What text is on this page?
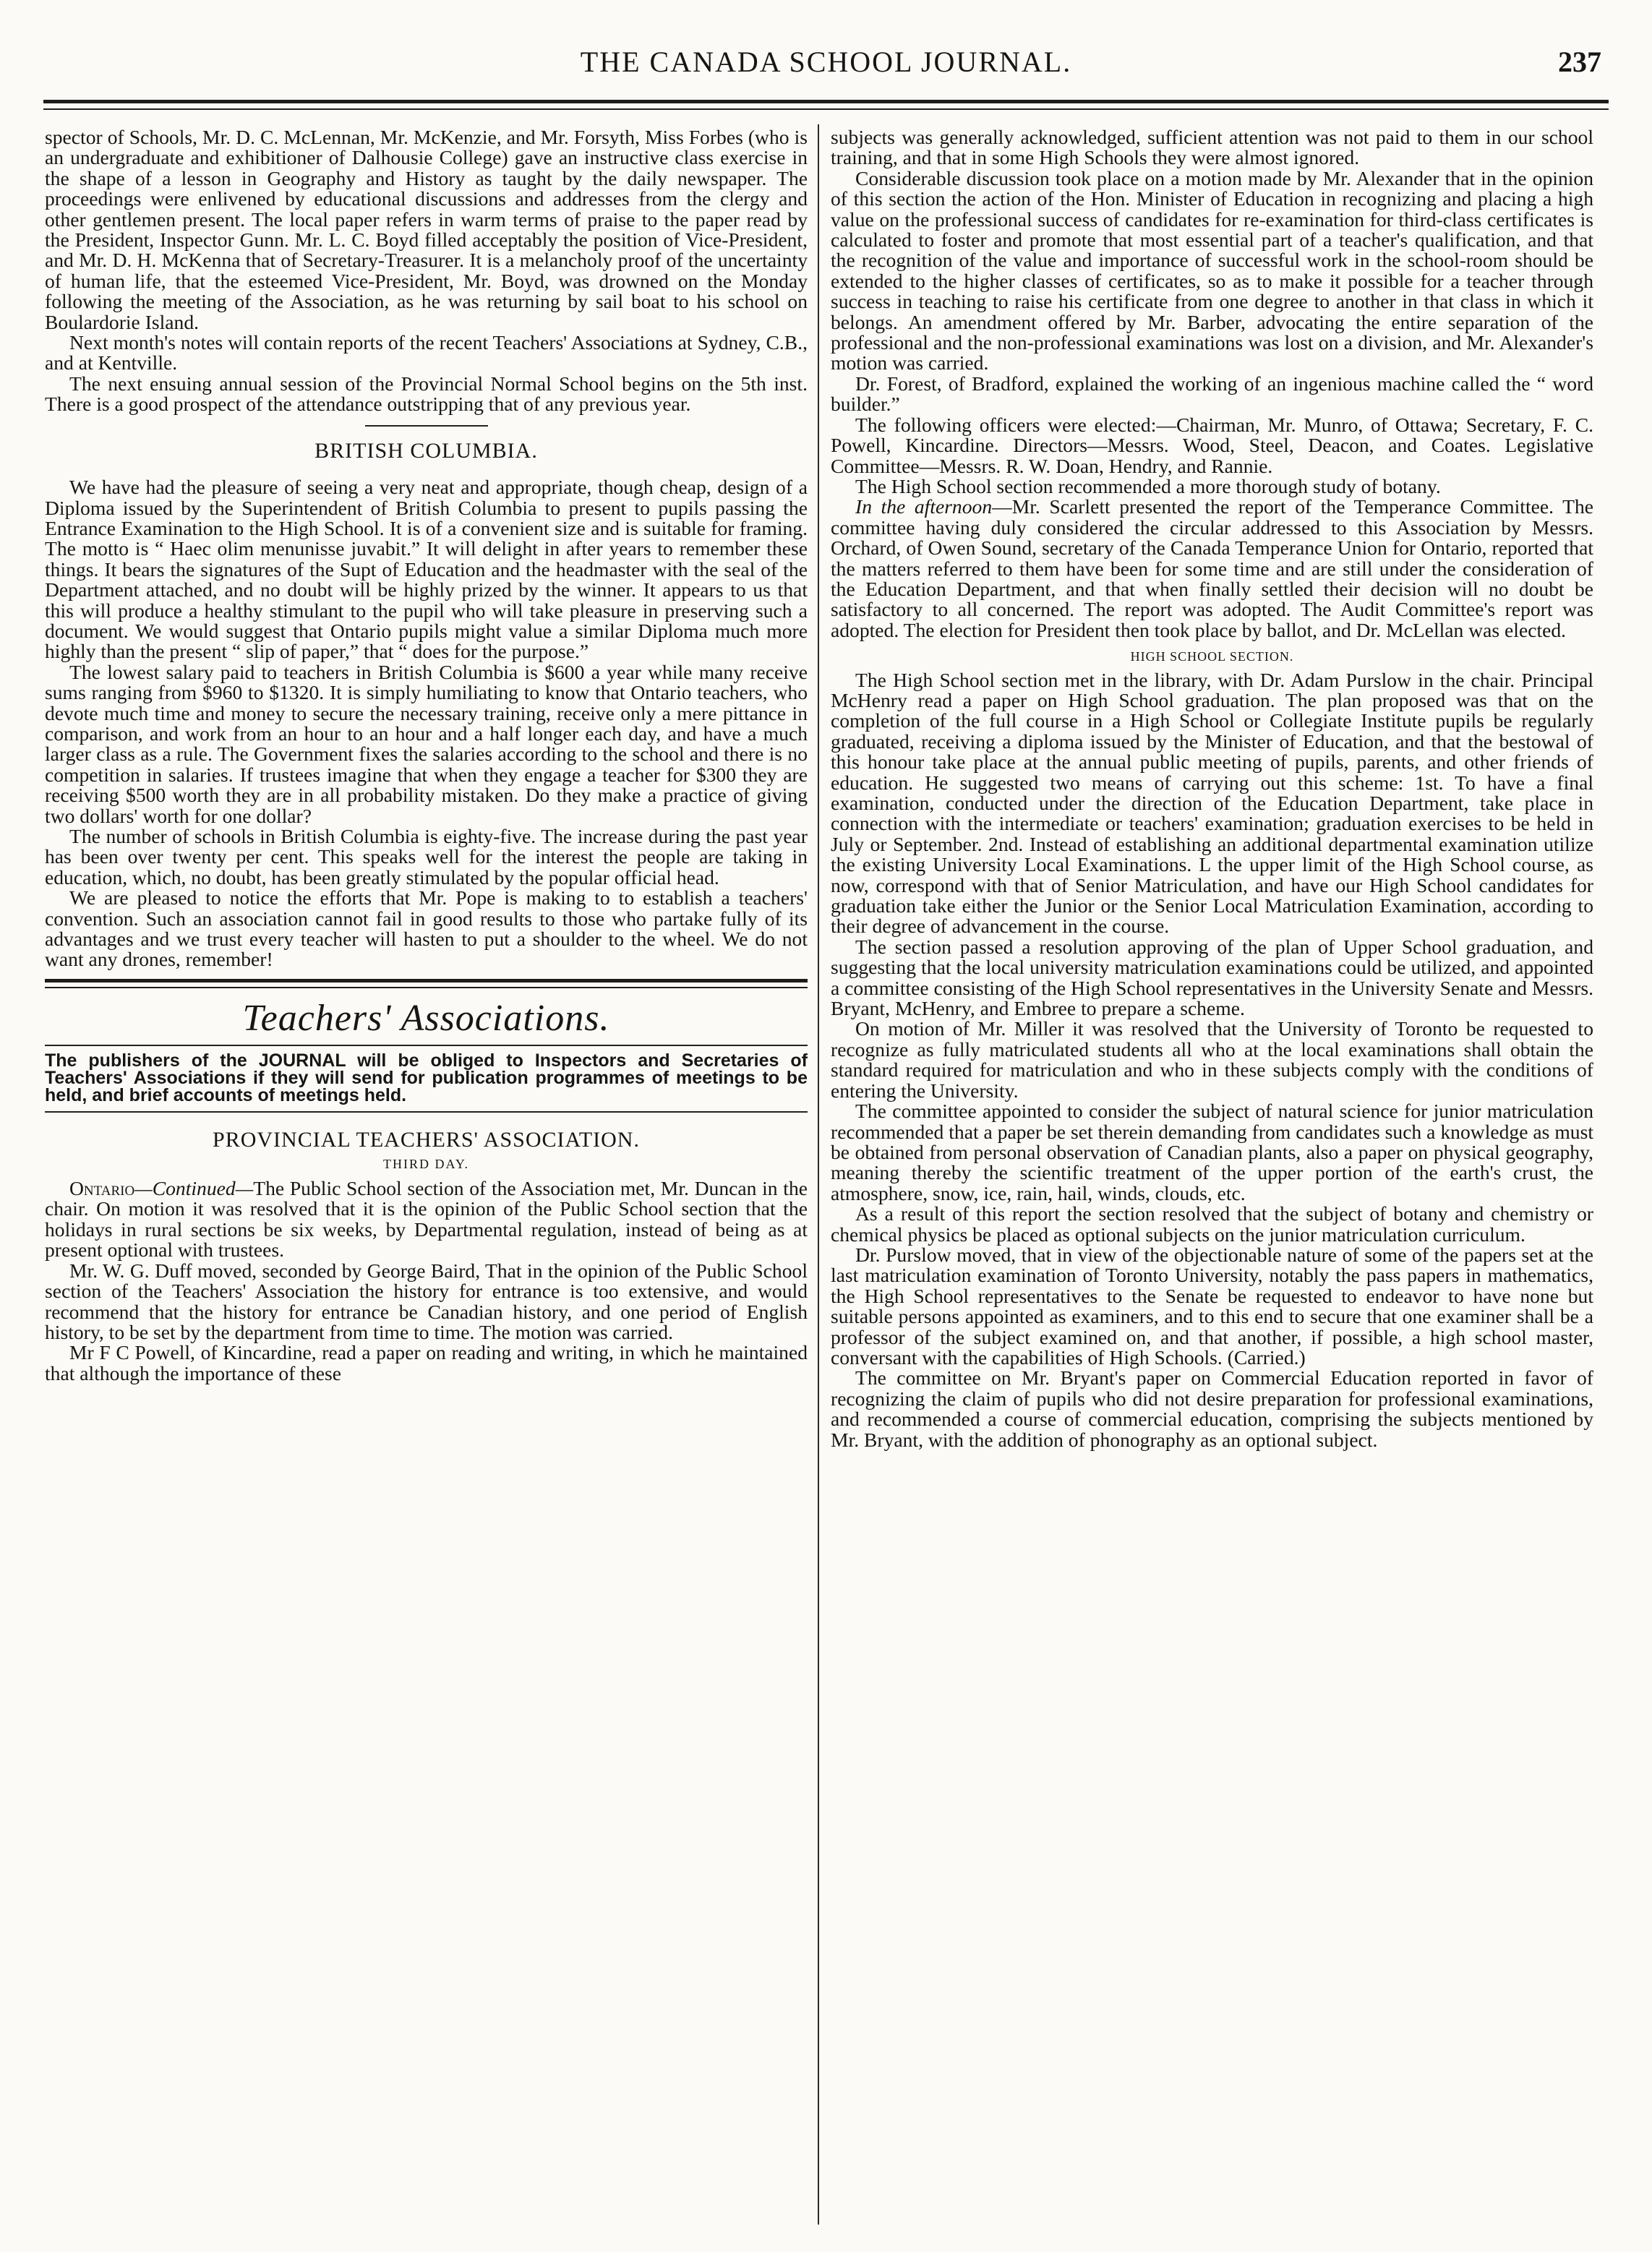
THE CANADA SCHOOL JOURNAL.	237

spector of Schools, Mr. D. C. McLennan, Mr. McKenzie, and Mr. Forsyth, Miss Forbes (who is an undergraduate and exhibitioner of Dalhousie College) gave an instructive class exercise in the shape of a lesson in Geography and History as taught by the daily newspaper. The proceedings were enlivened by educational discussions and addresses from the clergy and other gentlemen present. The local paper refers in warm terms of praise to the paper read by the President, Inspector Gunn. Mr. L. C. Boyd filled acceptably the position of Vice-President, and Mr. D. H. McKenna that of Secretary-Treasurer. It is a melancholy proof of the uncertainty of human life, that the esteemed Vice-President, Mr. Boyd, was drowned on the Monday following the meeting of the Association, as he was returning by sail boat to his school on Boulardorie Island.

Next month's notes will contain reports of the recent Teachers' Associations at Sydney, C.B., and at Kentville.

The next ensuing annual session of the Provincial Normal School begins on the 5th inst. There is a good prospect of the attendance outstripping that of any previous year.

BRITISH COLUMBIA.

We have had the pleasure of seeing a very neat and appropriate, though cheap, design of a Diploma issued by the Superintendent of British Columbia to present to pupils passing the Entrance Examination to the High School. It is of a convenient size and is suitable for framing. The motto is “ Haec olim menunisse juvabit.” It will delight in after years to remember these things. It bears the signatures of the Supt of Education and the headmaster with the seal of the Department attached, and no doubt will be highly prized by the winner. It appears to us that this will produce a healthy stimulant to the pupil who will take pleasure in preserving such a document. We would suggest that Ontario pupils might value a similar Diploma much more highly than the present “ slip of paper,” that “ does for the purpose.”

The lowest salary paid to teachers in British Columbia is $600 a year while many receive sums ranging from $960 to $1320. It is simply humiliating to know that Ontario teachers, who devote much time and money to secure the necessary training, receive only a mere pittance in comparison, and work from an hour to an hour and a half longer each day, and have a much larger class as a rule. The Government fixes the salaries according to the school and there is no competition in salaries. If trustees imagine that when they engage a teacher for $300 they are receiving $500 worth they are in all probability mistaken. Do they make a practice of giving two dollars' worth for one dollar?

The number of schools in British Columbia is eighty-five. The increase during the past year has been over twenty per cent. This speaks well for the interest the people are taking in education, which, no doubt, has been greatly stimulated by the popular official head.

We are pleased to notice the efforts that Mr. Pope is making to to establish a teachers' convention. Such an association cannot fail in good results to those who partake fully of its advantages and we trust every teacher will hasten to put a shoulder to the wheel. We do not want any drones, remember!

Teachers' Associations.
The publishers of the JOURNAL will be obliged to Inspectors and Secretaries of Teachers' Associations if they will send for publication programmes of meetings to be held, and brief accounts of meetings held.
PROVINCIAL TEACHERS' ASSOCIATION.
THIRD DAY.

Ontario—Continued—The Public School section of the Association met, Mr. Duncan in the chair. On motion it was resolved that it is the opinion of the Public School section that the holidays in rural sections be six weeks, by Departmental regulation, instead of being as at present optional with trustees.

Mr. W. G. Duff moved, seconded by George Baird, That in the opinion of the Public School section of the Teachers' Association the history for entrance is too extensive, and would recommend that the history for entrance be Canadian history, and one period of English history, to be set by the department from time to time. The motion was carried.

Mr F C Powell, of Kincardine, read a paper on reading and writing, in which he maintained that although the importance of these

subjects was generally acknowledged, sufficient attention was not paid to them in our school training, and that in some High Schools they were almost ignored.

Considerable discussion took place on a motion made by Mr. Alexander that in the opinion of this section the action of the Hon. Minister of Education in recognizing and placing a high value on the professional success of candidates for re-examination for third-class certificates is calculated to foster and promote that most essential part of a teacher's qualification, and that the recognition of the value and importance of successful work in the school-room should be extended to the higher classes of certificates, so as to make it possible for a teacher through success in teaching to raise his certificate from one degree to another in that class in which it belongs. An amendment offered by Mr. Barber, advocating the entire separation of the professional and the non-professional examinations was lost on a division, and Mr. Alexander's motion was carried.

Dr. Forest, of Bradford, explained the working of an ingenious machine called the “ word builder.”

The following officers were elected:—Chairman, Mr. Munro, of Ottawa; Secretary, F. C. Powell, Kincardine. Directors—Messrs. Wood, Steel, Deacon, and Coates. Legislative Committee—Messrs. R. W. Doan, Hendry, and Rannie.

The High School section recommended a more thorough study of botany.

In the afternoon—Mr. Scarlett presented the report of the Temperance Committee. The committee having duly considered the circular addressed to this Association by Messrs. Orchard, of Owen Sound, secretary of the Canada Temperance Union for Ontario, reported that the matters referred to them have been for some time and are still under the consideration of the Education Department, and that when finally settled their decision will no doubt be satisfactory to all concerned. The report was adopted. The Audit Committee's report was adopted. The election for President then took place by ballot, and Dr. McLellan was elected.

HIGH SCHOOL SECTION.

The High School section met in the library, with Dr. Adam Purslow in the chair. Principal McHenry read a paper on High School graduation. The plan proposed was that on the completion of the full course in a High School or Collegiate Institute pupils be regularly graduated, receiving a diploma issued by the Minister of Education, and that the bestowal of this honour take place at the annual public meeting of pupils, parents, and other friends of education. He suggested two means of carrying out this scheme: 1st. To have a final examination, conducted under the direction of the Education Department, take place in connection with the intermediate or teachers' examination; graduation exercises to be held in July or September. 2nd. Instead of establishing an additional departmental examination utilize the existing University Local Examinations. L the upper limit of the High School course, as now, correspond with that of Senior Matriculation, and have our High School candidates for graduation take either the Junior or the Senior Local Matriculation Examination, according to their degree of advancement in the course.

The section passed a resolution approving of the plan of Upper School graduation, and suggesting that the local university matriculation examinations could be utilized, and appointed a committee consisting of the High School representatives in the University Senate and Messrs. Bryant, McHenry, and Embree to prepare a scheme.

On motion of Mr. Miller it was resolved that the University of Toronto be requested to recognize as fully matriculated students all who at the local examinations shall obtain the standard required for matriculation and who in these subjects comply with the conditions of entering the University.

The committee appointed to consider the subject of natural science for junior matriculation recommended that a paper be set therein demanding from candidates such a knowledge as must be obtained from personal observation of Canadian plants, also a paper on physical geography, meaning thereby the scientific treatment of the upper portion of the earth's crust, the atmosphere, snow, ice, rain, hail, winds, clouds, etc.

As a result of this report the section resolved that the subject of botany and chemistry or chemical physics be placed as optional subjects on the junior matriculation curriculum.

Dr. Purslow moved, that in view of the objectionable nature of some of the papers set at the last matriculation examination of Toronto University, notably the pass papers in mathematics, the High School representatives to the Senate be requested to endeavor to have none but suitable persons appointed as examiners, and to this end to secure that one examiner shall be a professor of the subject examined on, and that another, if possible, a high school master, conversant with the capabilities of High Schools. (Carried.)

The committee on Mr. Bryant's paper on Commercial Education reported in favor of recognizing the claim of pupils who did not desire preparation for professional examinations, and recommended a course of commercial education, comprising the subjects mentioned by Mr. Bryant, with the addition of phonography as an optional subject.
